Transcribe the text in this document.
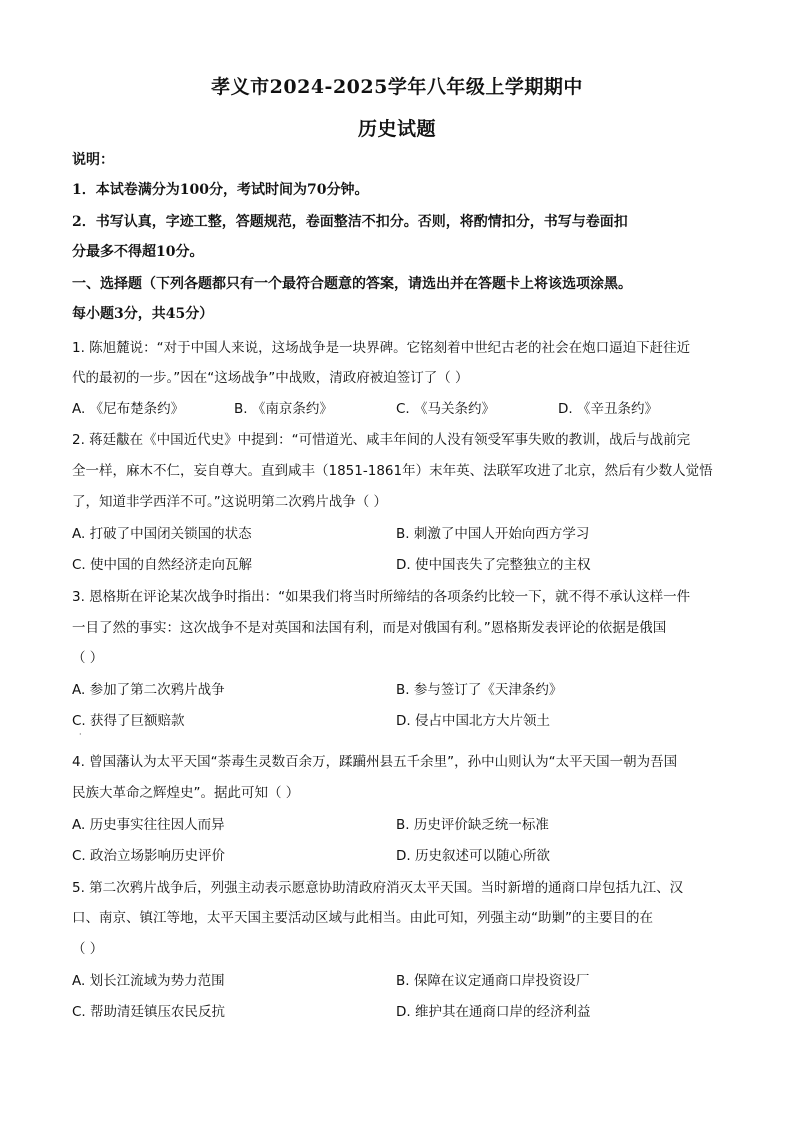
孝义市2024-2025学年八年级上学期期中
历史试题
说明：
1．本试卷满分为100分，考试时间为70分钟。
2．书写认真，字迹工整，答题规范，卷面整洁不扣分。否则，将酌情扣分，书写与卷面扣
分最多不得超10分。
一、选择题（下列各题都只有一个最符合题意的答案，请选出并在答题卡上将该选项涂黑。
每小题3分，共45分）
1. 陈旭麓说：“对于中国人来说，这场战争是一块界碑。它铭刻着中世纪古老的社会在炮口逼迫下赶往近
代的最初的一步。”因在“这场战争”中战败，清政府被迫签订了（ ）
A. 《尼布楚条约》	B. 《南京条约》	C. 《马关条约》	D. 《辛丑条约》
2. 蒋廷黻在《中国近代史》中提到：“可惜道光、咸丰年间的人没有领受军事失败的教训，战后与战前完
全一样，麻木不仁，妄自尊大。直到咸丰（1851-1861年）末年英、法联军攻进了北京，然后有少数人觉悟
了，知道非学西洋不可。”这说明第二次鸦片战争（ ）
A. 打破了中国闭关锁国的状态	B. 刺激了中国人开始向西方学习
C. 使中国的自然经济走向瓦解	D. 使中国丧失了完整独立的主权
3. 恩格斯在评论某次战争时指出：“如果我们将当时所缔结的各项条约比较一下，就不得不承认这样一件
一目了然的事实：这次战争不是对英国和法国有利，而是对俄国有利。”恩格斯发表评论的依据是俄国
（ ）
A. 参加了第二次鸦片战争	B. 参与签订了《天津条约》
C. 获得了巨额赔款	D. 侵占中国北方大片领土
·
4. 曾国藩认为太平天国“荼毒生灵数百余万，蹂躏州县五千余里”，孙中山则认为“太平天国一朝为吾国
民族大革命之辉煌史”。据此可知（ ）
A. 历史事实往往因人而异	B. 历史评价缺乏统一标准
C. 政治立场影响历史评价	D. 历史叙述可以随心所欲
5. 第二次鸦片战争后，列强主动表示愿意协助清政府消灭太平天国。当时新增的通商口岸包括九江、汉
口、南京、镇江等地，太平天国主要活动区域与此相当。由此可知，列强主动“助剿”的主要目的在
（ ）
A. 划长江流域为势力范围	B. 保障在议定通商口岸投资设厂
C. 帮助清廷镇压农民反抗	D. 维护其在通商口岸的经济利益
